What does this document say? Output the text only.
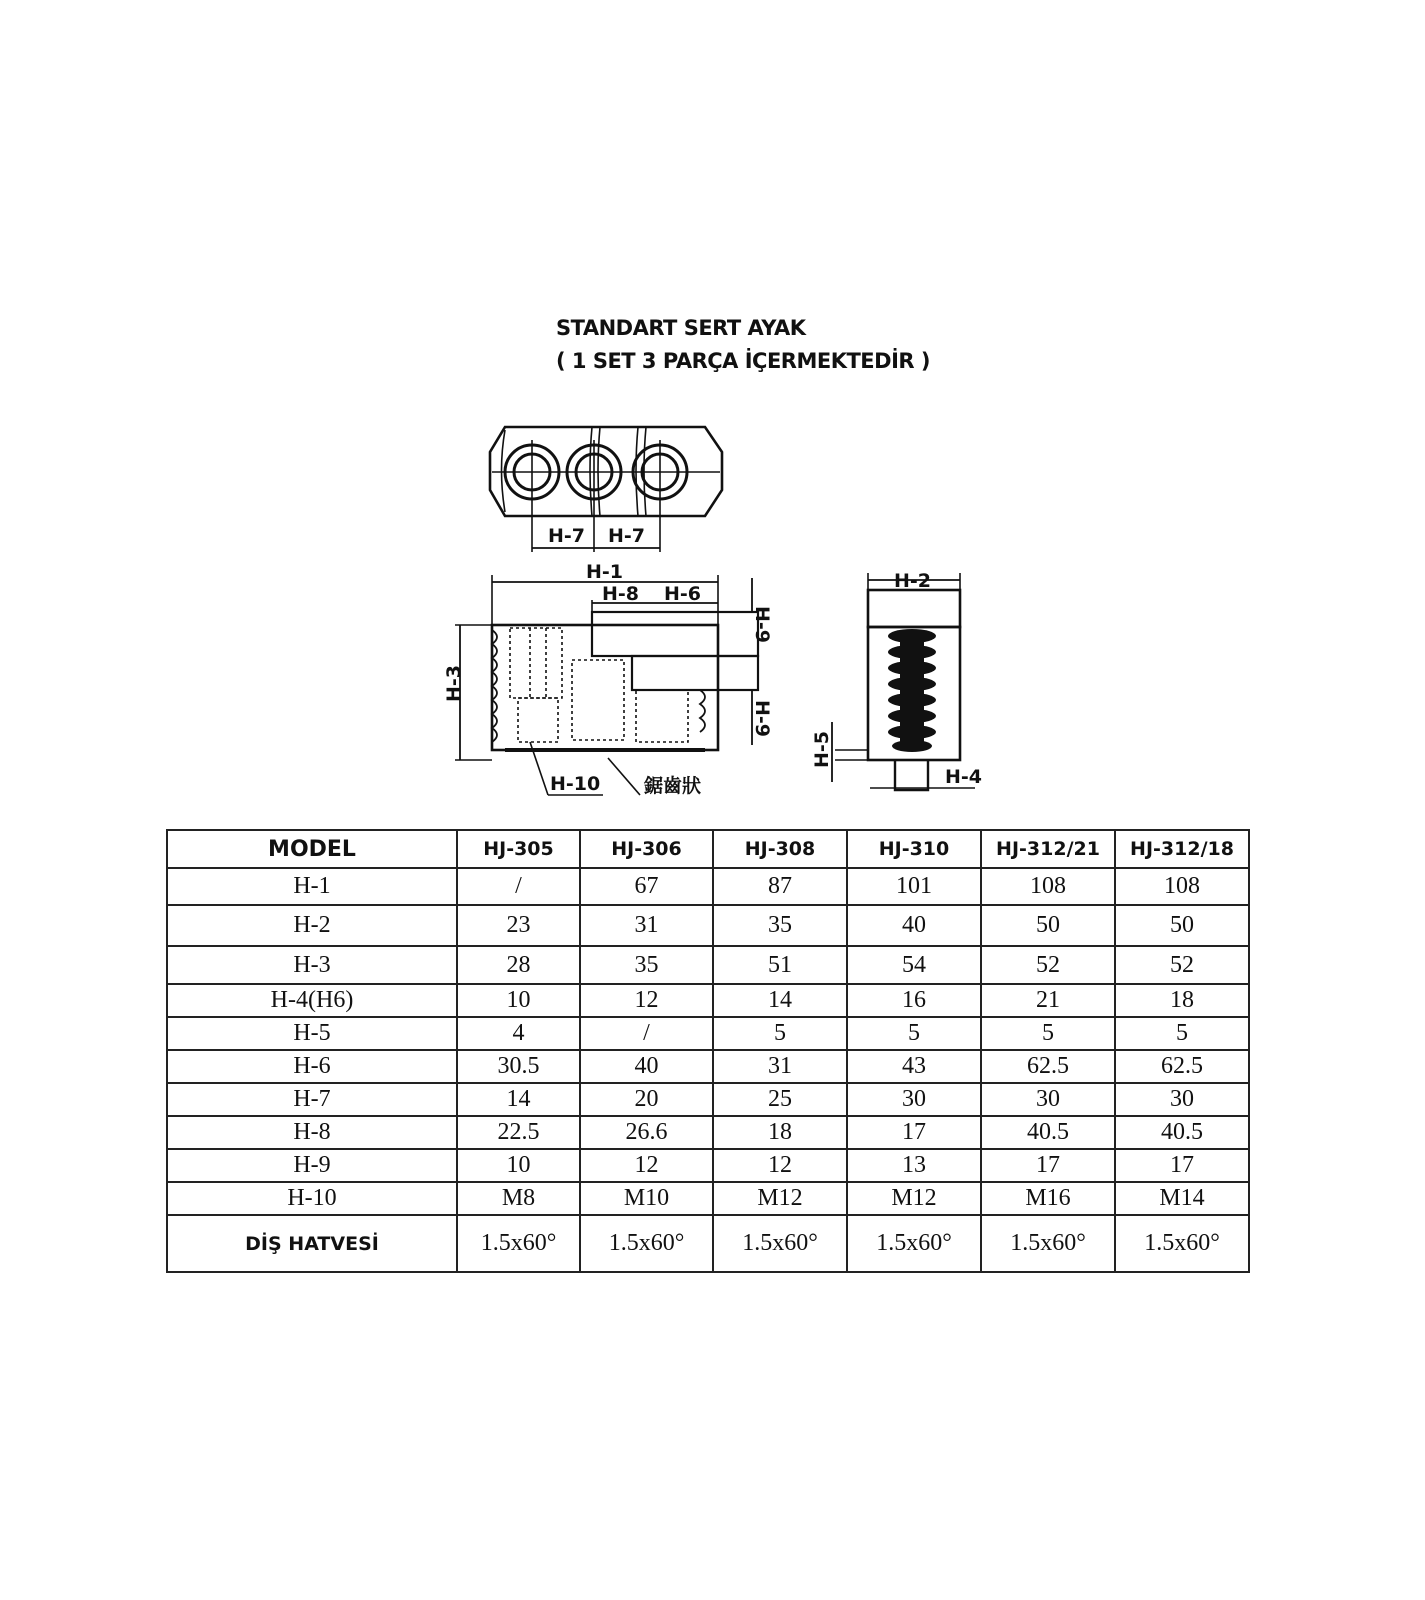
STANDART SERT AYAK
( 1 SET 3 PARÇA İÇERMEKTEDİR )
H-7 H-7
H-1
H-8 H-6
H-3
H-9
H-9
H-10 鋸齒狀
H-2
H-5
H-4
MODEL	HJ-305	HJ-306	HJ-308	HJ-310	HJ-312/21	HJ-312/18
H-1	/	67	87	101	108	108
H-2	23	31	35	40	50	50
H-3	28	35	51	54	52	52
H-4(H6)	10	12	14	16	21	18
H-5	4	/	5	5	5	5
H-6	30.5	40	31	43	62.5	62.5
H-7	14	20	25	30	30	30
H-8	22.5	26.6	18	17	40.5	40.5
H-9	10	12	12	13	17	17
H-10	M8	M10	M12	M12	M16	M14
DİŞ HATVESİ	1.5x60°	1.5x60°	1.5x60°	1.5x60°	1.5x60°	1.5x60°
